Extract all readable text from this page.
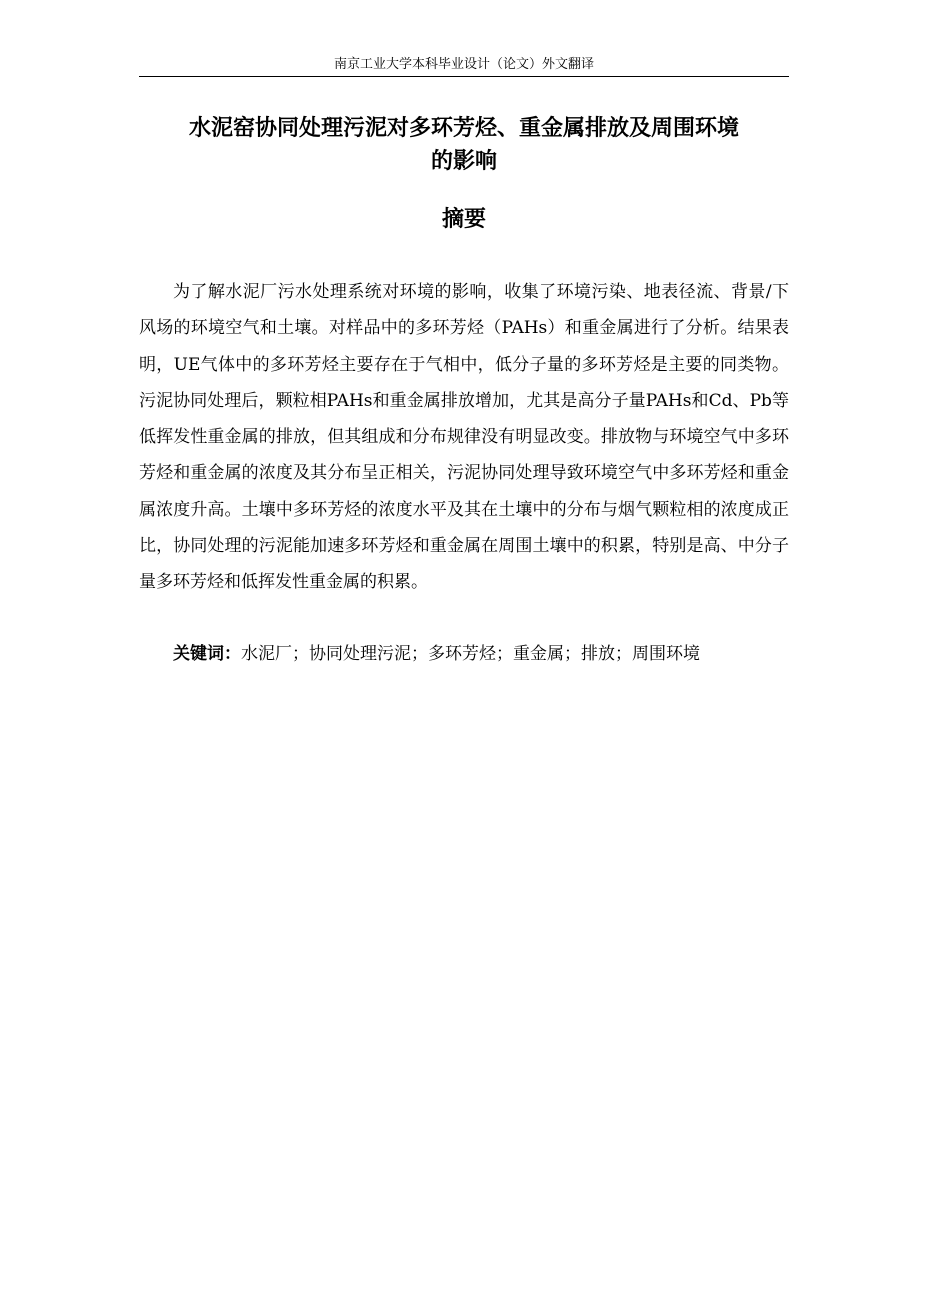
南京工业大学本科毕业设计（论文）外文翻译
水泥窑协同处理污泥对多环芳烃、重金属排放及周围环境
的影响
摘要

为了解水泥厂污水处理系统对环境的影响，收集了环境污染、地表径流、背景/下风场的环境空气和土壤。对样品中的多环芳烃（PAHs）和重金属进行了分析。结果表明，UE气体中的多环芳烃主要存在于气相中，低分子量的多环芳烃是主要的同类物。污泥协同处理后，颗粒相PAHs和重金属排放增加，尤其是高分子量PAHs和Cd、Pb等低挥发性重金属的排放，但其组成和分布规律没有明显改变。排放物与环境空气中多环芳烃和重金属的浓度及其分布呈正相关，污泥协同处理导致环境空气中多环芳烃和重金属浓度升高。土壤中多环芳烃的浓度水平及其在土壤中的分布与烟气颗粒相的浓度成正比，协同处理的污泥能加速多环芳烃和重金属在周围土壤中的积累，特别是高、中分子量多环芳烃和低挥发性重金属的积累。

关键词：水泥厂；协同处理污泥；多环芳烃；重金属；排放；周围环境
